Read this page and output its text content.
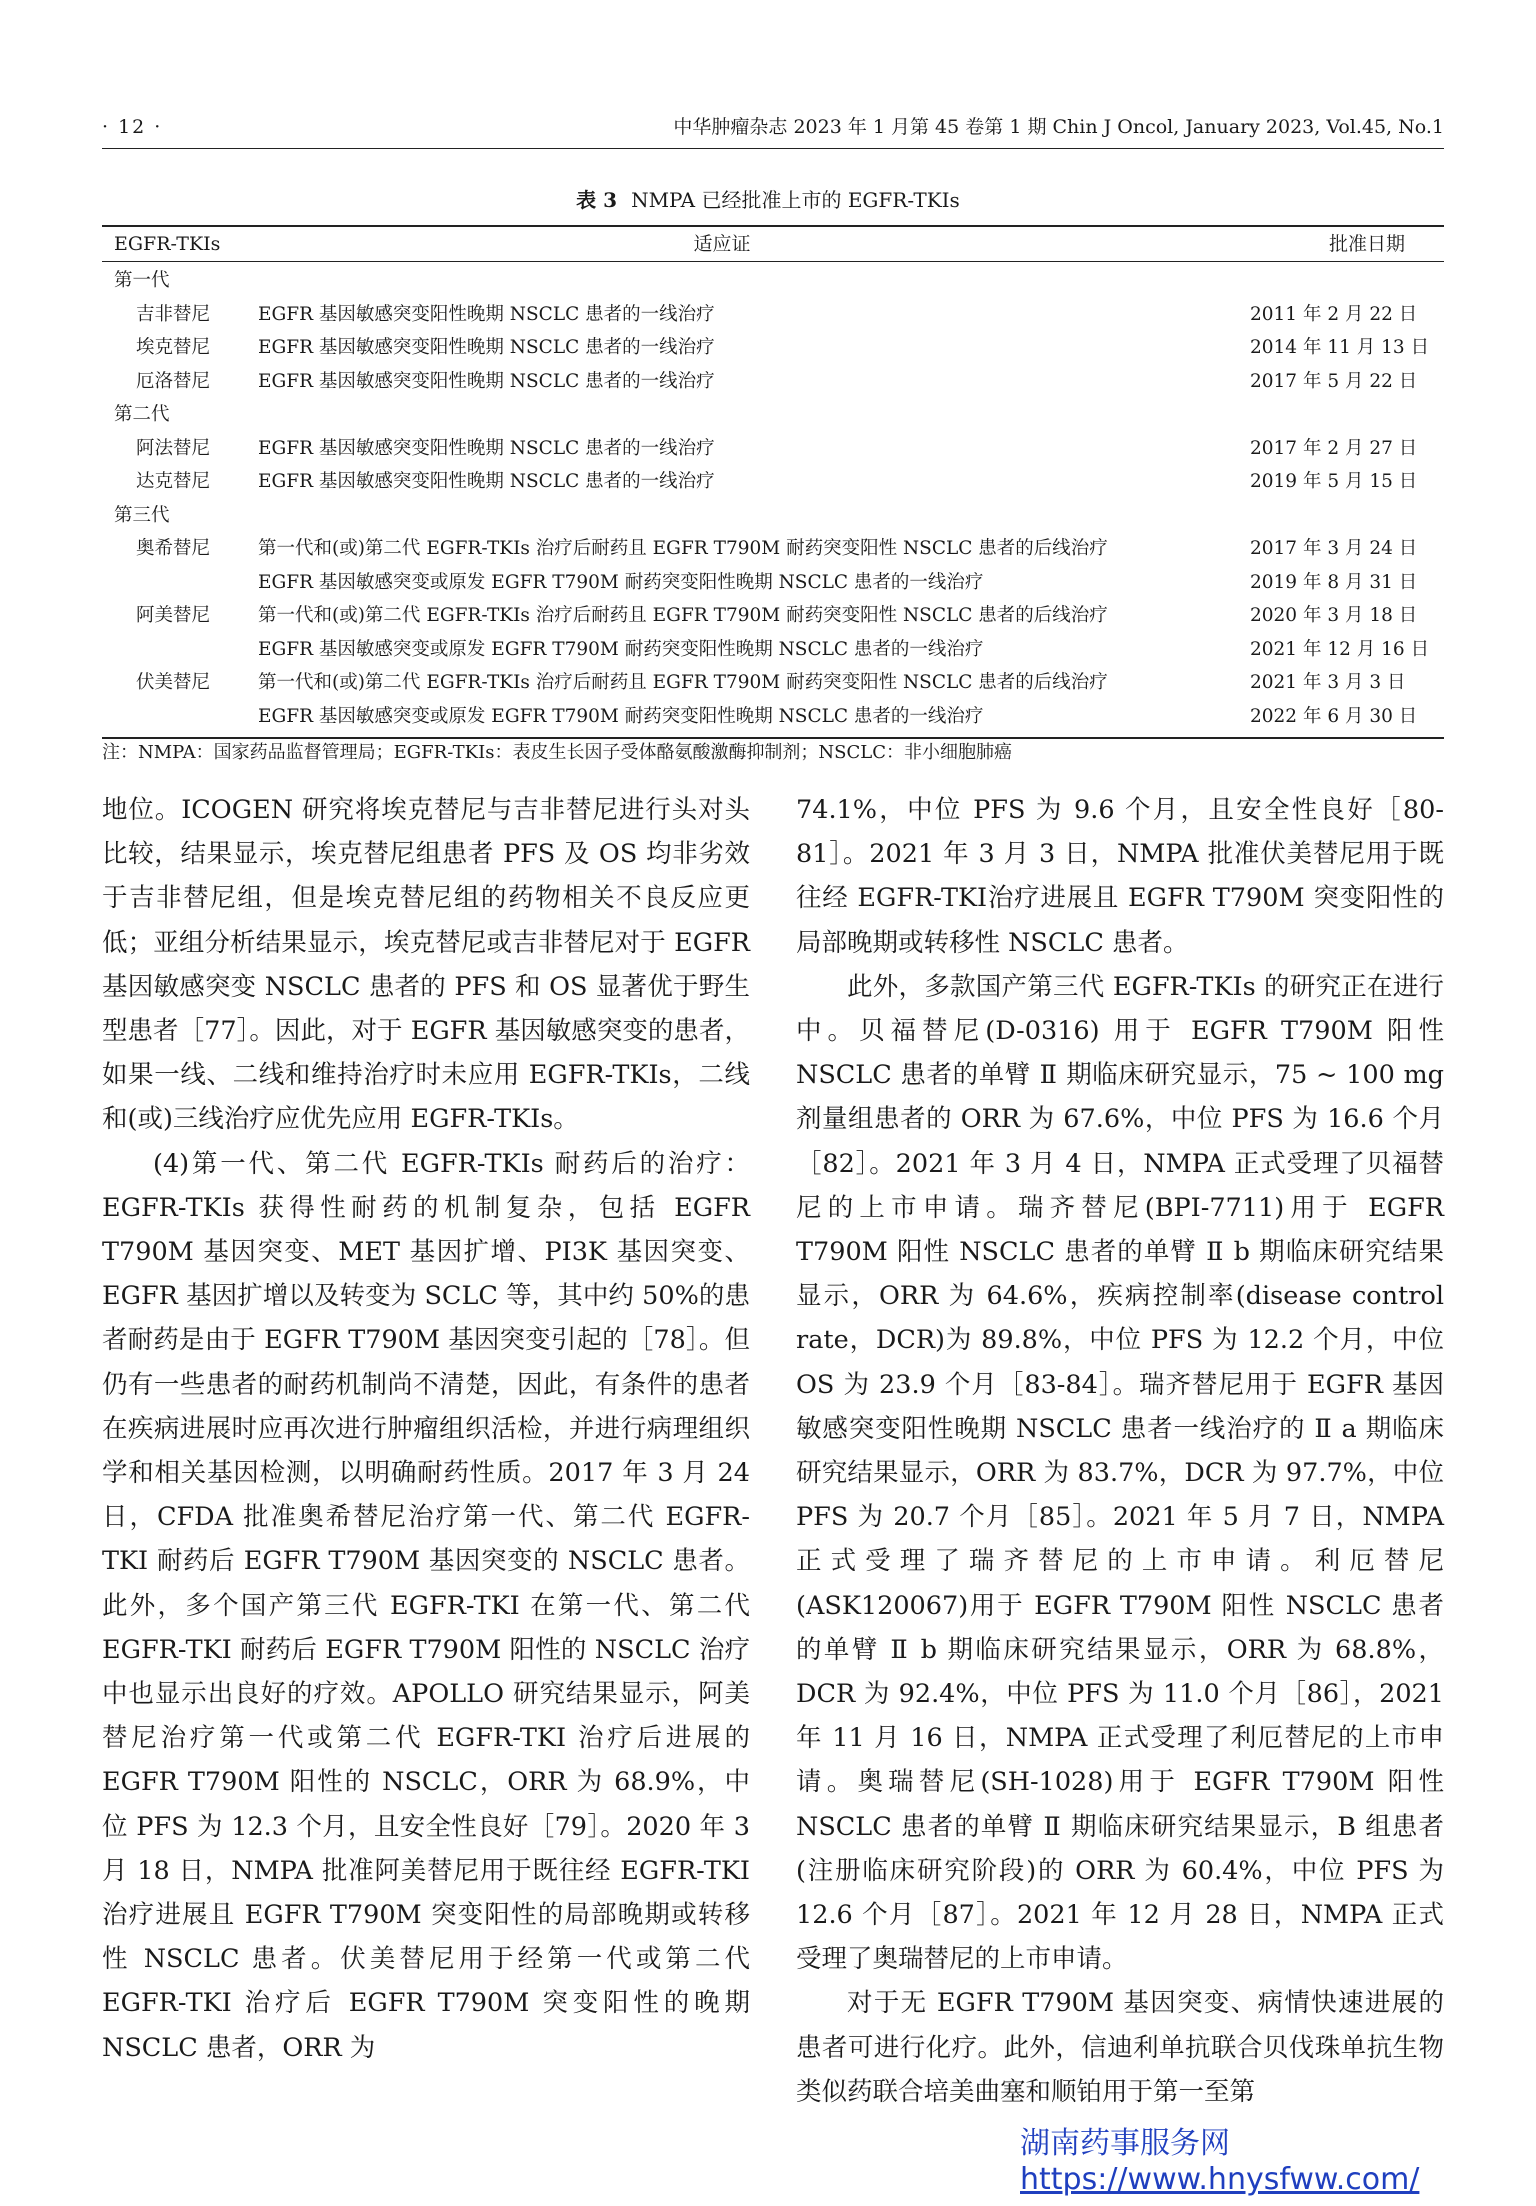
· 12 ·	中华肿瘤杂志 2023 年 1 月第 45 卷第 1 期 Chin J Oncol, January 2023, Vol.45, No.1
表 3 NMPA 已经批准上市的 EGFR-TKIs
EGFR-TKIs	适应证	批准日期
第一代
吉非替尼	EGFR 基因敏感突变阳性晚期 NSCLC 患者的一线治疗	2011 年 2 月 22 日
埃克替尼	EGFR 基因敏感突变阳性晚期 NSCLC 患者的一线治疗	2014 年 11 月 13 日
厄洛替尼	EGFR 基因敏感突变阳性晚期 NSCLC 患者的一线治疗	2017 年 5 月 22 日
第二代
阿法替尼	EGFR 基因敏感突变阳性晚期 NSCLC 患者的一线治疗	2017 年 2 月 27 日
达克替尼	EGFR 基因敏感突变阳性晚期 NSCLC 患者的一线治疗	2019 年 5 月 15 日
第三代
奥希替尼	第一代和(或)第二代 EGFR-TKIs 治疗后耐药且 EGFR T790M 耐药突变阳性 NSCLC 患者的后线治疗	2017 年 3 月 24 日
EGFR 基因敏感突变或原发 EGFR T790M 耐药突变阳性晚期 NSCLC 患者的一线治疗	2019 年 8 月 31 日
阿美替尼	第一代和(或)第二代 EGFR-TKIs 治疗后耐药且 EGFR T790M 耐药突变阳性 NSCLC 患者的后线治疗	2020 年 3 月 18 日
EGFR 基因敏感突变或原发 EGFR T790M 耐药突变阳性晚期 NSCLC 患者的一线治疗	2021 年 12 月 16 日
伏美替尼	第一代和(或)第二代 EGFR-TKIs 治疗后耐药且 EGFR T790M 耐药突变阳性 NSCLC 患者的后线治疗	2021 年 3 月 3 日
EGFR 基因敏感突变或原发 EGFR T790M 耐药突变阳性晚期 NSCLC 患者的一线治疗	2022 年 6 月 30 日
注：NMPA：国家药品监督管理局；EGFR-TKIs：表皮生长因子受体酪氨酸激酶抑制剂；NSCLC：非小细胞肺癌

地位。ICOGEN 研究将埃克替尼与吉非替尼进行头对头比较，结果显示，埃克替尼组患者 PFS 及 OS 均非劣效于吉非替尼组，但是埃克替尼组的药物相关不良反应更低；亚组分析结果显示，埃克替尼或吉非替尼对于 EGFR 基因敏感突变 NSCLC 患者的 PFS 和 OS 显著优于野生型患者［77］。因此，对于 EGFR 基因敏感突变的患者，如果一线、二线和维持治疗时未应用 EGFR-TKIs，二线和(或)三线治疗应优先应用 EGFR-TKIs。

(4)第一代、第二代 EGFR-TKIs 耐药后的治疗：EGFR-TKIs 获得性耐药的机制复杂，包括 EGFR T790M 基因突变、MET 基因扩增、PI3K 基因突变、EGFR 基因扩增以及转变为 SCLC 等，其中约 50%的患者耐药是由于 EGFR T790M 基因突变引起的［78］。但仍有一些患者的耐药机制尚不清楚，因此，有条件的患者在疾病进展时应再次进行肿瘤组织活检，并进行病理组织学和相关基因检测，以明确耐药性质。2017 年 3 月 24 日，CFDA 批准奥希替尼治疗第一代、第二代 EGFR-TKI 耐药后 EGFR T790M 基因突变的 NSCLC 患者。此外，多个国产第三代 EGFR-TKI 在第一代、第二代 EGFR-TKI 耐药后 EGFR T790M 阳性的 NSCLC 治疗中也显示出良好的疗效。APOLLO 研究结果显示，阿美替尼治疗第一代或第二代 EGFR-TKI 治疗后进展的 EGFR T790M 阳性的 NSCLC，ORR 为 68.9%，中位 PFS 为 12.3 个月，且安全性良好［79］。2020 年 3 月 18 日，NMPA 批准阿美替尼用于既往经 EGFR-TKI 治疗进展且 EGFR T790M 突变阳性的局部晚期或转移性 NSCLC 患者。伏美替尼用于经第一代或第二代 EGFR-TKI 治疗后 EGFR T790M 突变阳性的晚期 NSCLC 患者，ORR 为

74.1%，中位 PFS 为 9.6 个月，且安全性良好［80-81］。2021 年 3 月 3 日，NMPA 批准伏美替尼用于既往经 EGFR-TKI治疗进展且 EGFR T790M 突变阳性的局部晚期或转移性 NSCLC 患者。

此外，多款国产第三代 EGFR-TKIs 的研究正在进行中。贝福替尼(D-0316) 用于 EGFR T790M 阳性 NSCLC 患者的单臂 Ⅱ 期临床研究显示，75 ~ 100 mg 剂量组患者的 ORR 为 67.6%，中位 PFS 为 16.6 个月［82］。2021 年 3 月 4 日，NMPA 正式受理了贝福替尼的上市申请。瑞齐替尼(BPI-7711)用于 EGFR T790M 阳性 NSCLC 患者的单臂 Ⅱ b 期临床研究结果显示，ORR 为 64.6%，疾病控制率(disease control rate，DCR)为 89.8%，中位 PFS 为 12.2 个月，中位 OS 为 23.9 个月［83-84］。瑞齐替尼用于 EGFR 基因敏感突变阳性晚期 NSCLC 患者一线治疗的 Ⅱ a 期临床研究结果显示，ORR 为 83.7%，DCR 为 97.7%，中位 PFS 为 20.7 个月［85］。2021 年 5 月 7 日，NMPA 正式受理了瑞齐替尼的上市申请。利厄替尼(ASK120067)用于 EGFR T790M 阳性 NSCLC 患者的单臂 Ⅱ b 期临床研究结果显示，ORR 为 68.8%，DCR 为 92.4%，中位 PFS 为 11.0 个月［86］，2021 年 11 月 16 日，NMPA 正式受理了利厄替尼的上市申请。奥瑞替尼(SH-1028)用于 EGFR T790M 阳性 NSCLC 患者的单臂 Ⅱ 期临床研究结果显示，B 组患者(注册临床研究阶段)的 ORR 为 60.4%，中位 PFS 为 12.6 个月［87］。2021 年 12 月 28 日，NMPA 正式受理了奥瑞替尼的上市申请。

对于无 EGFR T790M 基因突变、病情快速进展的患者可进行化疗。此外，信迪利单抗联合贝伐珠单抗生物类似药联合培美曲塞和顺铂用于第一至第

湖南药事服务网
https://www.hnysfww.com/
